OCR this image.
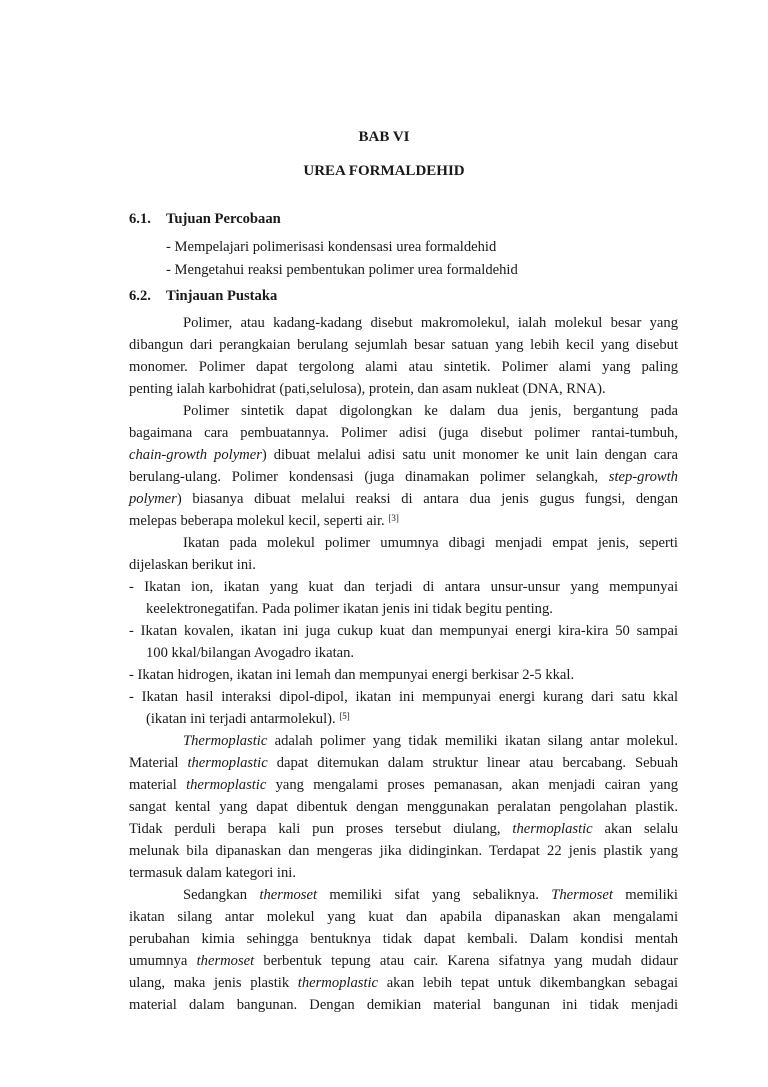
BAB VI
UREA FORMALDEHID
6.1. Tujuan Percobaan
- Mempelajari polimerisasi kondensasi urea formaldehid
- Mengetahui reaksi pembentukan polimer urea formaldehid
6.2. Tinjauan Pustaka
Polimer, atau kadang-kadang disebut makromolekul, ialah molekul besar yang
dibangun dari perangkaian berulang sejumlah besar satuan yang lebih kecil yang disebut
monomer. Polimer dapat tergolong alami atau sintetik. Polimer alami yang paling
penting ialah karbohidrat (pati,selulosa), protein, dan asam nukleat (DNA, RNA).
Polimer sintetik dapat digolongkan ke dalam dua jenis, bergantung pada
bagaimana cara pembuatannya. Polimer adisi (juga disebut polimer rantai-tumbuh,
chain-growth polymer) dibuat melalui adisi satu unit monomer ke unit lain dengan cara
berulang-ulang. Polimer kondensasi (juga dinamakan polimer selangkah, step-growth
polymer) biasanya dibuat melalui reaksi di antara dua jenis gugus fungsi, dengan
melepas beberapa molekul kecil, seperti air. [3]
Ikatan pada molekul polimer umumnya dibagi menjadi empat jenis, seperti
dijelaskan berikut ini.
- Ikatan ion, ikatan yang kuat dan terjadi di antara unsur-unsur yang mempunyai
keelektronegatifan. Pada polimer ikatan jenis ini tidak begitu penting.
- Ikatan kovalen, ikatan ini juga cukup kuat dan mempunyai energi kira-kira 50 sampai
100 kkal/bilangan Avogadro ikatan.
- Ikatan hidrogen, ikatan ini lemah dan mempunyai energi berkisar 2-5 kkal.
- Ikatan hasil interaksi dipol-dipol, ikatan ini mempunyai energi kurang dari satu kkal
(ikatan ini terjadi antarmolekul). [5]
Thermoplastic adalah polimer yang tidak memiliki ikatan silang antar molekul.
Material thermoplastic dapat ditemukan dalam struktur linear atau bercabang. Sebuah
material thermoplastic yang mengalami proses pemanasan, akan menjadi cairan yang
sangat kental yang dapat dibentuk dengan menggunakan peralatan pengolahan plastik.
Tidak perduli berapa kali pun proses tersebut diulang, thermoplastic akan selalu
melunak bila dipanaskan dan mengeras jika didinginkan. Terdapat 22 jenis plastik yang
termasuk dalam kategori ini.
Sedangkan thermoset memiliki sifat yang sebaliknya. Thermoset memiliki
ikatan silang antar molekul yang kuat dan apabila dipanaskan akan mengalami
perubahan kimia sehingga bentuknya tidak dapat kembali. Dalam kondisi mentah
umumnya thermoset berbentuk tepung atau cair. Karena sifatnya yang mudah didaur
ulang, maka jenis plastik thermoplastic akan lebih tepat untuk dikembangkan sebagai
material dalam bangunan. Dengan demikian material bangunan ini tidak menjadi
